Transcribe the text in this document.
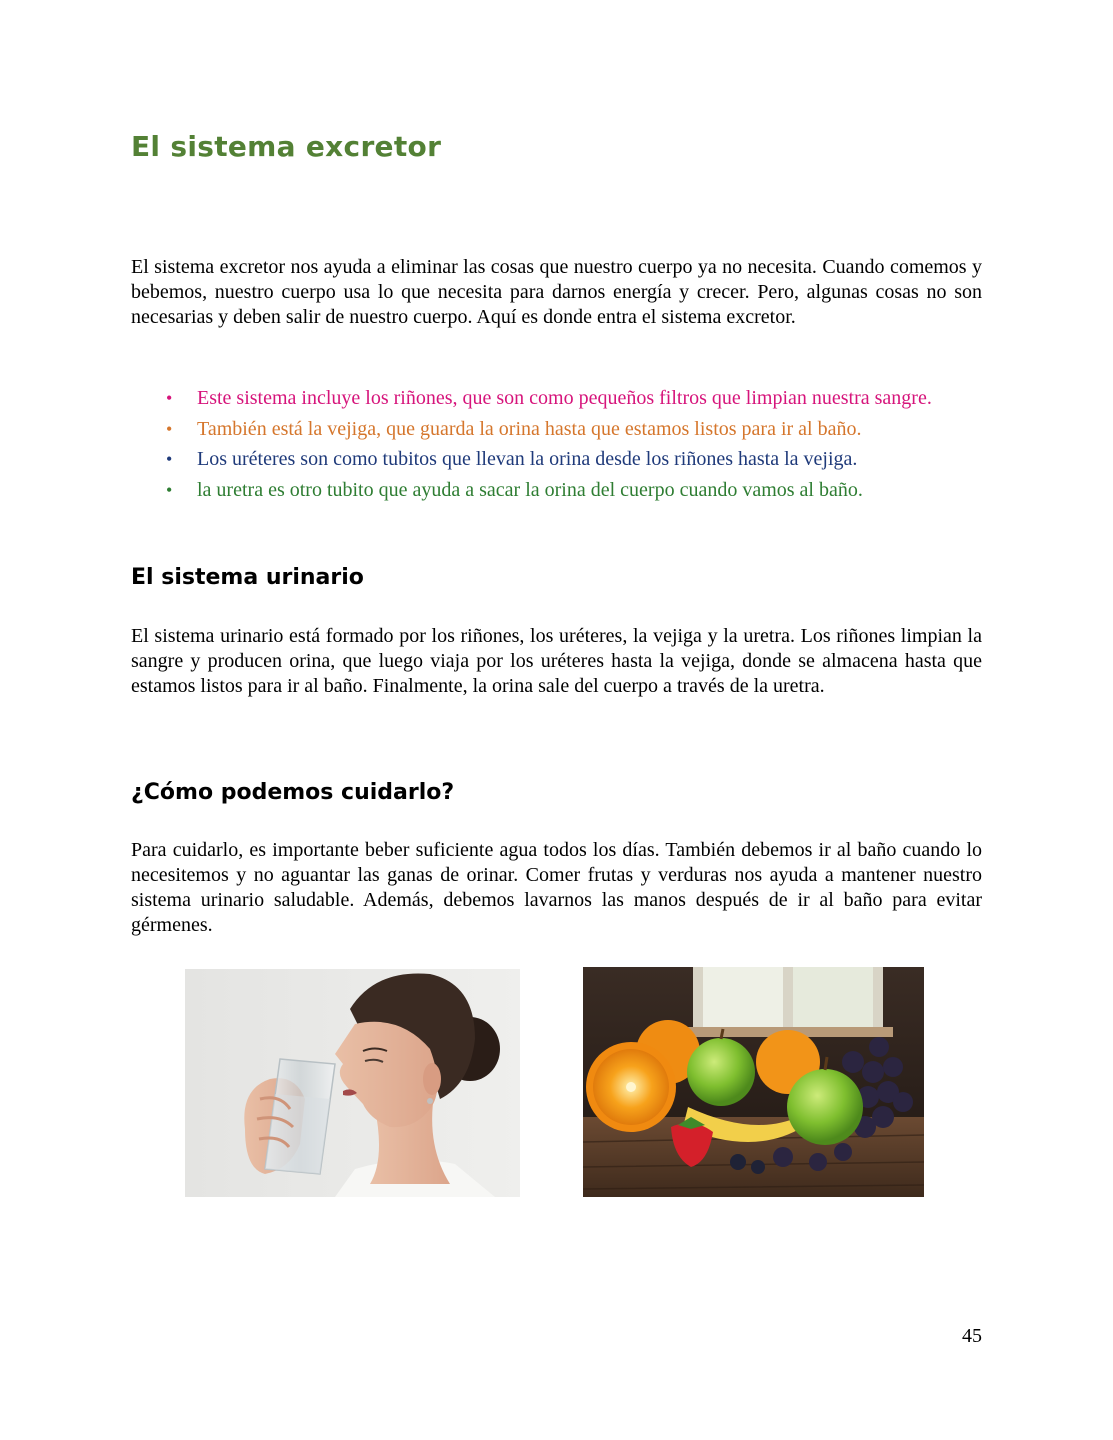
El sistema excretor

El sistema excretor nos ayuda a eliminar las cosas que nuestro cuerpo ya no necesita. Cuando comemos y bebemos, nuestro cuerpo usa lo que necesita para darnos energía y crecer. Pero, algunas cosas no son necesarias y deben salir de nuestro cuerpo. Aquí es donde entra el sistema excretor.

• Este sistema incluye los riñones, que son como pequeños filtros que limpian nuestra sangre.
• También está la vejiga, que guarda la orina hasta que estamos listos para ir al baño.
• Los uréteres son como tubitos que llevan la orina desde los riñones hasta la vejiga.
• la uretra es otro tubito que ayuda a sacar la orina del cuerpo cuando vamos al baño.
El sistema urinario

El sistema urinario está formado por los riñones, los uréteres, la vejiga y la uretra. Los riñones limpian la sangre y producen orina, que luego viaja por los uréteres hasta la vejiga, donde se almacena hasta que estamos listos para ir al baño. Finalmente, la orina sale del cuerpo a través de la uretra.

¿Cómo podemos cuidarlo?

Para cuidarlo, es importante beber suficiente agua todos los días. También debemos ir al baño cuando lo necesitemos y no aguantar las ganas de orinar. Comer frutas y verduras nos ayuda a mantener nuestro sistema urinario saludable. Además, debemos lavarnos las manos después de ir al baño para evitar gérmenes.

45
